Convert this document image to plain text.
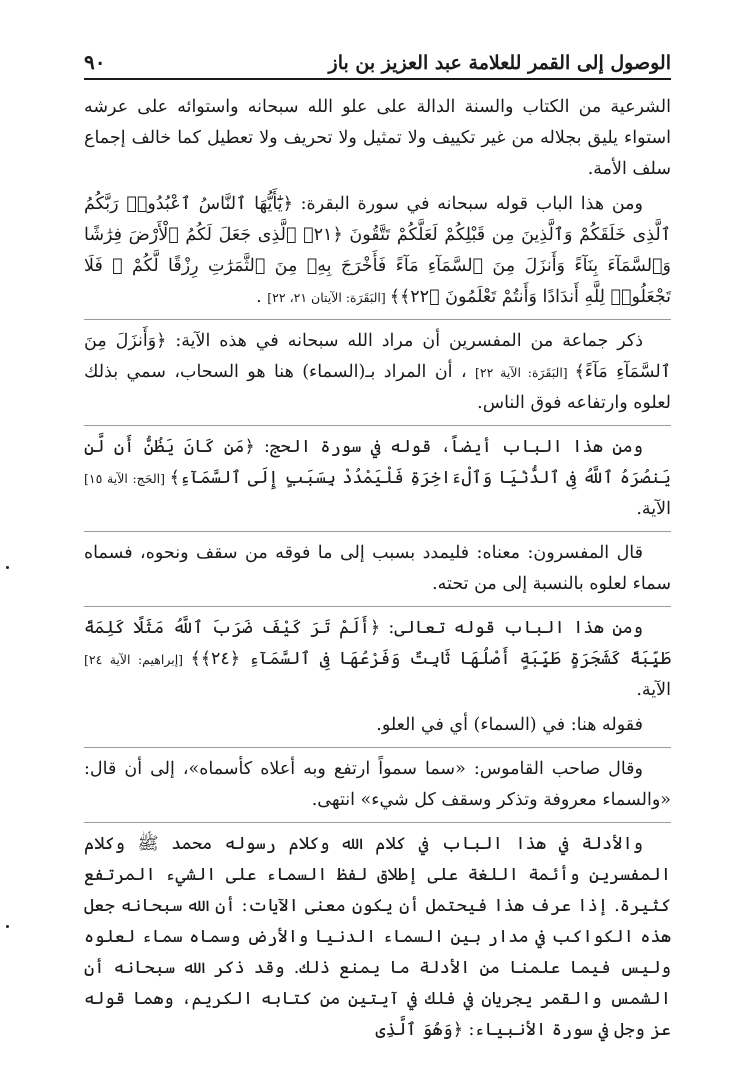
الوصول إلى القمر للعلامة عبد العزيز بن باز
٩٠

الشرعية من الكتاب والسنة الدالة على علو الله سبحانه واستوائه على عرشه استواء يليق بجلاله من غير تكييف ولا تمثيل ولا تحريف ولا تعطيل كما خالف إجماع سلف الأمة.

ومن هذا الباب قوله سبحانه في سورة البقرة: ﴿يَٰٓأَيُّهَا ٱلنَّاسُ ٱعْبُدُوا۟ رَبَّكُمُ ٱلَّذِى خَلَقَكُمْ وَٱلَّذِينَ مِن قَبْلِكُمْ لَعَلَّكُمْ تَتَّقُونَ ﴿٢١﴾ ٱلَّذِى جَعَلَ لَكُمُ ٱلْأَرْضَ فِرَٰشًا وَٱلسَّمَآءَ بِنَآءً وَأَنزَلَ مِنَ ٱلسَّمَآءِ مَآءً فَأَخْرَجَ بِهِۦ مِنَ ٱلثَّمَرَٰتِ رِزْقًا لَّكُمْ ۖ فَلَا تَجْعَلُوا۟ لِلَّهِ أَندَادًا وَأَنتُمْ تَعْلَمُونَ ﴿٢٢﴾﴾ [البَقَرَة: الآيتان ٢١، ٢٢] .

ذكر جماعة من المفسرين أن مراد الله سبحانه في هذه الآية: ﴿وَأَنزَلَ مِنَ ٱلسَّمَآءِ مَآءً﴾ [البَقَرَة: الآية ٢٢] ، أن المراد بـ(السماء) هنا هو السحاب، سمي بذلك لعلوه وارتفاعه فوق الناس.

ومن هذا الباب أيضاً، قوله في سورة الحج: ﴿مَن كَانَ يَظُنُّ أَن لَّن يَنصُرَهُ ٱللَّهُ فِى ٱلدُّنْيَا وَٱلْءَاخِرَةِ فَلْيَمْدُدْ بِسَبَبٍ إِلَى ٱلسَّمَآءِ﴾ [الحَج: الآية ١٥] الآية.

قال المفسرون: معناه: فليمدد بسبب إلى ما فوقه من سقف ونحوه، فسماه سماء لعلوه بالنسبة إلى من تحته.

ومن هذا الباب قوله تعالى: ﴿أَلَمْ تَرَ كَيْفَ ضَرَبَ ٱللَّهُ مَثَلًا كَلِمَةً طَيِّبَةً كَشَجَرَةٍ طَيِّبَةٍ أَصْلُهَا ثَابِتٌ وَفَرْعُهَا فِى ٱلسَّمَآءِ ﴿٢٤﴾﴾ [إبراهيم: الآية ٢٤] الآية.

فقوله هنا: في (السماء) أي في العلو.

وقال صاحب القاموس: «سما سمواً ارتفع وبه أعلاه كأسماه»، إلى أن قال: «والسماء معروفة وتذكر وسقف كل شيء» انتهى.

والأدلة في هذا الباب في كلام الله وكلام رسوله محمد ﷺ وكلام المفسرين وأئمة اللغة على إطلاق لفظ السماء على الشيء المرتفع كثيرة. إذا عرف هذا فيحتمل أن يكون معنى الآيات: أن الله سبحانه جعل هذه الكواكب في مدار بين السماء الدنيا والأرض وسماه سماء لعلوه وليس فيما علمنا من الأدلة ما يمنع ذلك. وقد ذكر الله سبحانه أن الشمس والقمر يجريان في فلك في آيتين من كتابه الكريم، وهما قوله عز وجل في سورة الأنبياء: ﴿وَهُوَ ٱلَّذِى
